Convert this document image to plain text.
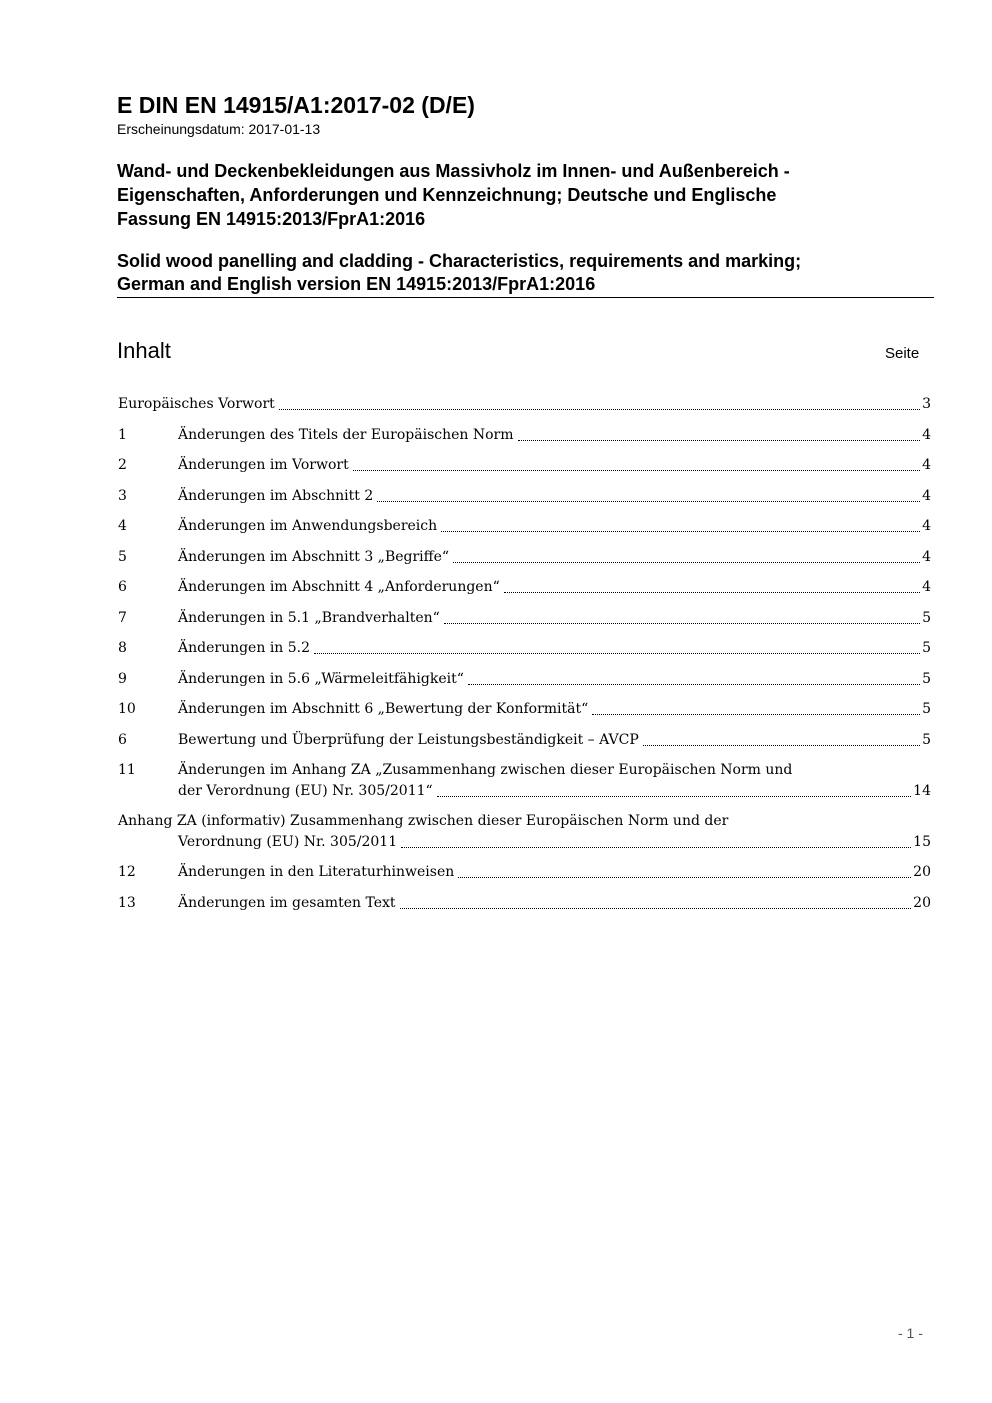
E DIN EN 14915/A1:2017-02 (D/E)
Erscheinungsdatum: 2017-01-13
Wand- und Deckenbekleidungen aus Massivholz im Innen- und Außenbereich -
Eigenschaften, Anforderungen und Kennzeichnung; Deutsche und Englische
Fassung EN 14915:2013/FprA1:2016
Solid wood panelling and cladding - Characteristics, requirements and marking;
German and English version EN 14915:2013/FprA1:2016
Inhalt	Seite
Europäisches Vorwort	3
1	Änderungen des Titels der Europäischen Norm	4
2	Änderungen im Vorwort	4
3	Änderungen im Abschnitt 2	4
4	Änderungen im Anwendungsbereich	4
5	Änderungen im Abschnitt 3 „Begriffe“	4
6	Änderungen im Abschnitt 4 „Anforderungen“	4
7	Änderungen in 5.1 „Brandverhalten“	5
8	Änderungen in 5.2	5
9	Änderungen in 5.6 „Wärmeleitfähigkeit“	5
10	Änderungen im Abschnitt 6 „Bewertung der Konformität“	5
6	Bewertung und Überprüfung der Leistungsbeständigkeit – AVCP	5
11	Änderungen im Anhang ZA „Zusammenhang zwischen dieser Europäischen Norm und
der Verordnung (EU) Nr. 305/2011“	14
Anhang ZA (informativ) Zusammenhang zwischen dieser Europäischen Norm und der
Verordnung (EU) Nr. 305/2011	15
12	Änderungen in den Literaturhinweisen	20
13	Änderungen im gesamten Text	20
- 1 -
